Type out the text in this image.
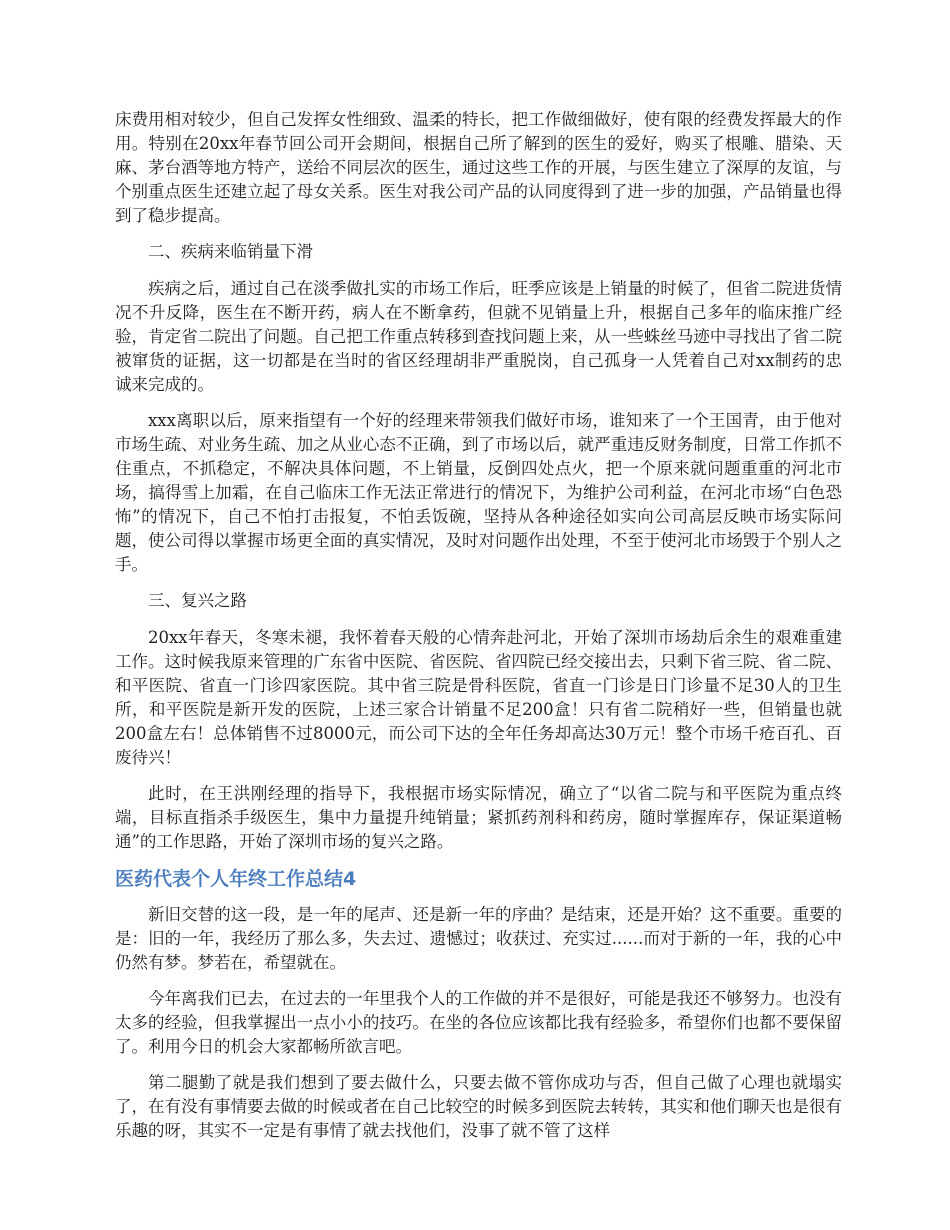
床费用相对较少，但自己发挥女性细致、温柔的特长，把工作做细做好，使有限的经费发挥最大的作用。特别在20xx年春节回公司开会期间，根据自己所了解到的医生的爱好，购买了根雕、腊染、天麻、茅台酒等地方特产，送给不同层次的医生，通过这些工作的开展，与医生建立了深厚的友谊，与个别重点医生还建立起了母女关系。医生对我公司产品的认同度得到了进一步的加强，产品销量也得到了稳步提高。

二、疾病来临销量下滑

疾病之后，通过自己在淡季做扎实的市场工作后，旺季应该是上销量的时候了，但省二院进货情况不升反降，医生在不断开药，病人在不断拿药，但就不见销量上升，根据自己多年的临床推广经验，肯定省二院出了问题。自己把工作重点转移到查找问题上来，从一些蛛丝马迹中寻找出了省二院被窜货的证据，这一切都是在当时的省区经理胡非严重脱岗，自己孤身一人凭着自己对xx制药的忠诚来完成的。

xxx离职以后，原来指望有一个好的经理来带领我们做好市场，谁知来了一个王国青，由于他对市场生疏、对业务生疏、加之从业心态不正确，到了市场以后，就严重违反财务制度，日常工作抓不住重点，不抓稳定，不解决具体问题，不上销量，反倒四处点火，把一个原来就问题重重的河北市场，搞得雪上加霜，在自己临床工作无法正常进行的情况下，为维护公司利益，在河北市场“白色恐怖”的情况下，自己不怕打击报复，不怕丢饭碗，坚持从各种途径如实向公司高层反映市场实际问题，使公司得以掌握市场更全面的真实情况，及时对问题作出处理，不至于使河北市场毁于个别人之手。

三、复兴之路

20xx年春天，冬寒未褪，我怀着春天般的心情奔赴河北，开始了深圳市场劫后余生的艰难重建工作。这时候我原来管理的广东省中医院、省医院、省四院已经交接出去，只剩下省三院、省二院、和平医院、省直一门诊四家医院。其中省三院是骨科医院，省直一门诊是日门诊量不足30人的卫生所，和平医院是新开发的医院，上述三家合计销量不足200盒！只有省二院稍好一些，但销量也就200盒左右！总体销售不过8000元，而公司下达的全年任务却高达30万元！整个市场千疮百孔、百废待兴！

此时，在王洪刚经理的指导下，我根据市场实际情况，确立了“以省二院与和平医院为重点终端，目标直指杀手级医生，集中力量提升纯销量；紧抓药剂科和药房，随时掌握库存，保证渠道畅通”的工作思路，开始了深圳市场的复兴之路。

医药代表个人年终工作总结4

新旧交替的这一段，是一年的尾声、还是新一年的序曲？是结束，还是开始？这不重要。重要的是：旧的一年，我经历了那么多，失去过、遗憾过；收获过、充实过......而对于新的一年，我的心中仍然有梦。梦若在，希望就在。

今年离我们已去，在过去的一年里我个人的工作做的并不是很好，可能是我还不够努力。也没有太多的经验，但我掌握出一点小小的技巧。在坐的各位应该都比我有经验多，希望你们也都不要保留了。利用今日的机会大家都畅所欲言吧。

第二腿勤了就是我们想到了要去做什么，只要去做不管你成功与否，但自己做了心理也就塌实了，在有没有事情要去做的时候或者在自己比较空的时候多到医院去转转，其实和他们聊天也是很有乐趣的呀，其实不一定是有事情了就去找他们，没事了就不管了这样
